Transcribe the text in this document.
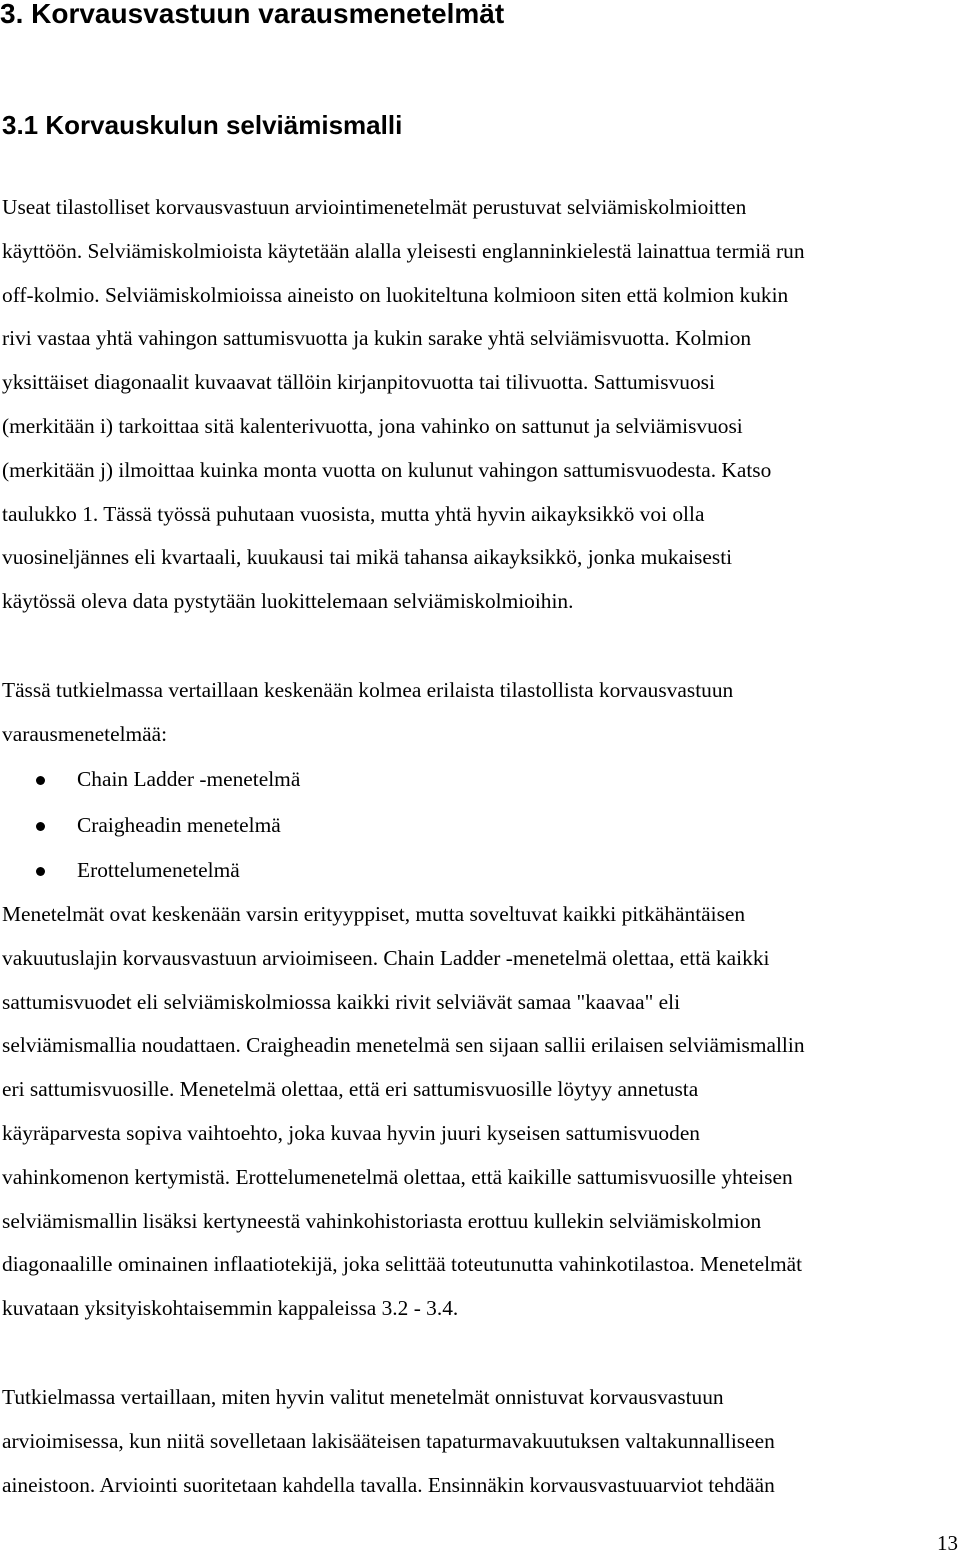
3. Korvausvastuun varausmenetelmät
3.1 Korvauskulun selviämismalli

Useat tilastolliset korvausvastuun arviointimenetelmät perustuvat selviämiskolmioitten
käyttöön. Selviämiskolmioista käytetään alalla yleisesti englanninkielestä lainattua termiä run
off-kolmio. Selviämiskolmioissa aineisto on luokiteltuna kolmioon siten että kolmion kukin
rivi vastaa yhtä vahingon sattumisvuotta ja kukin sarake yhtä selviämisvuotta. Kolmion
yksittäiset diagonaalit kuvaavat tällöin kirjanpitovuotta tai tilivuotta. Sattumisvuosi
(merkitään i) tarkoittaa sitä kalenterivuotta, jona vahinko on sattunut ja selviämisvuosi
(merkitään j) ilmoittaa kuinka monta vuotta on kulunut vahingon sattumisvuodesta. Katso
taulukko 1. Tässä työssä puhutaan vuosista, mutta yhtä hyvin aikayksikkö voi olla
vuosineljännes eli kvartaali, kuukausi tai mikä tahansa aikayksikkö, jonka mukaisesti
käytössä oleva data pystytään luokittelemaan selviämiskolmioihin.

Tässä tutkielmassa vertaillaan keskenään kolmea erilaista tilastollista korvausvastuun
varausmenetelmää:

Chain Ladder -menetelmä
Craigheadin menetelmä
Erottelumenetelmä

Menetelmät ovat keskenään varsin erityyppiset, mutta soveltuvat kaikki pitkähäntäisen
vakuutuslajin korvausvastuun arvioimiseen. Chain Ladder -menetelmä olettaa, että kaikki
sattumisvuodet eli selviämiskolmiossa kaikki rivit selviävät samaa "kaavaa" eli
selviämismallia noudattaen. Craigheadin menetelmä sen sijaan sallii erilaisen selviämismallin
eri sattumisvuosille. Menetelmä olettaa, että eri sattumisvuosille löytyy annetusta
käyräparvesta sopiva vaihtoehto, joka kuvaa hyvin juuri kyseisen sattumisvuoden
vahinkomenon kertymistä. Erottelumenetelmä olettaa, että kaikille sattumisvuosille yhteisen
selviämismallin lisäksi kertyneestä vahinkohistoriasta erottuu kullekin selviämiskolmion
diagonaalille ominainen inflaatiotekijä, joka selittää toteutunutta vahinkotilastoa. Menetelmät
kuvataan yksityiskohtaisemmin kappaleissa 3.2 - 3.4.

Tutkielmassa vertaillaan, miten hyvin valitut menetelmät onnistuvat korvausvastuun
arvioimisessa, kun niitä sovelletaan lakisääteisen tapaturmavakuutuksen valtakunnalliseen
aineistoon. Arviointi suoritetaan kahdella tavalla. Ensinnäkin korvausvastuuarviot tehdään

13
